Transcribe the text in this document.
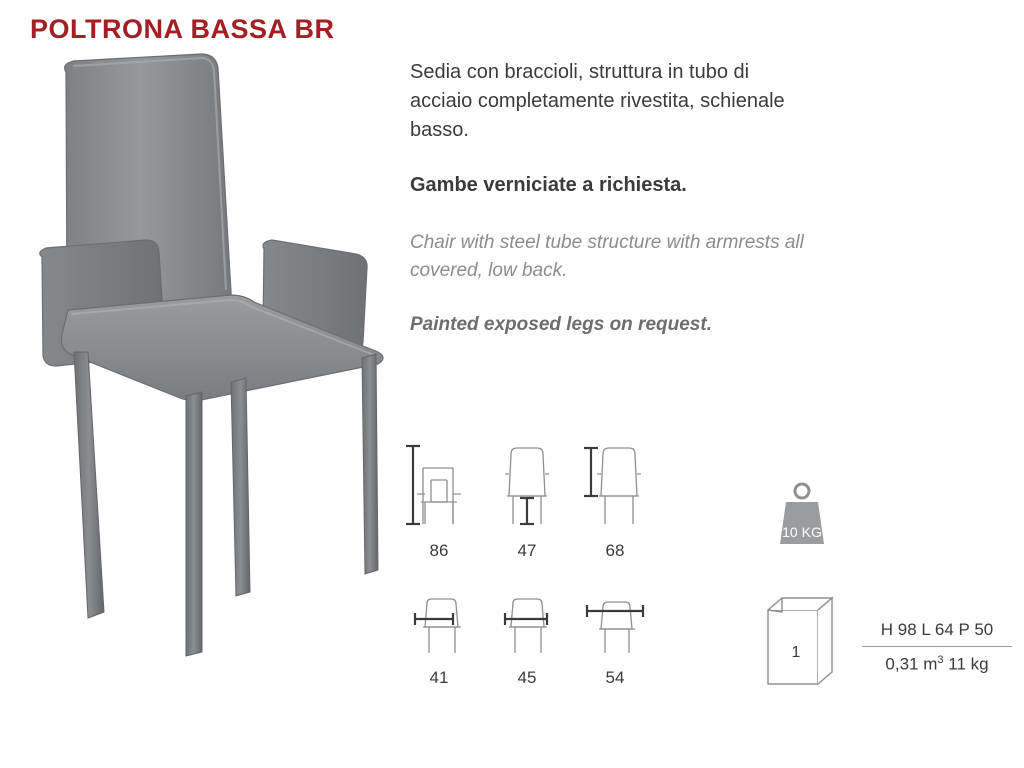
POLTRONA BASSA BR
Sedia con braccioli, struttura in tubo di acciaio completamente rivestita, schienale basso.
Gambe verniciate a richiesta.
Chair with steel tube structure with armrests all covered, low back.
Painted exposed legs on request.
86	47	68
41	45	54
10 KG
1
H 98 L 64 P 50
0,31 $m^3$ 11 kg
